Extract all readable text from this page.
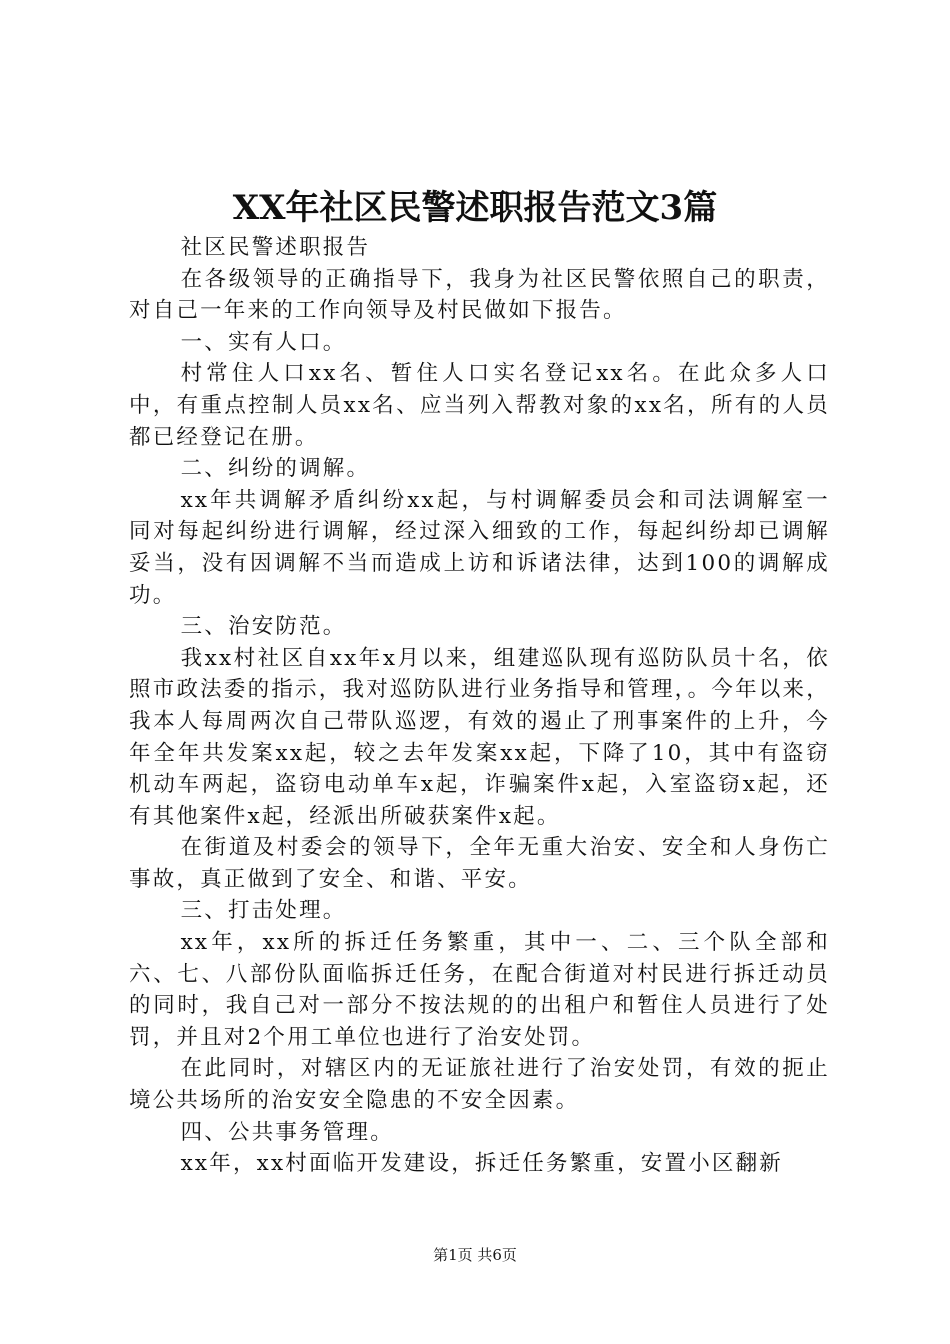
XX年社区民警述职报告范文3篇

社区民警述职报告

在各级领导的正确指导下，我身为社区民警依照自己的职责，对自己一年来的工作向领导及村民做如下报告。

一、实有人口。

村常住人口xx名、暂住人口实名登记xx名。在此众多人口中，有重点控制人员xx名、应当列入帮教对象的xx名，所有的人员都已经登记在册。

二、纠纷的调解。

xx年共调解矛盾纠纷xx起，与村调解委员会和司法调解室一同对每起纠纷进行调解，经过深入细致的工作，每起纠纷却已调解妥当，没有因调解不当而造成上访和诉诸法律，达到100的调解成功。

三、治安防范。

我xx村社区自xx年x月以来，组建巡队现有巡防队员十名，依照市政法委的指示，我对巡防队进行业务指导和管理，。今年以来，我本人每周两次自己带队巡逻，有效的遏止了刑事案件的上升，今年全年共发案xx起，较之去年发案xx起，下降了10，其中有盗窃机动车两起，盗窃电动单车x起，诈骗案件x起，入室盗窃x起，还有其他案件x起，经派出所破获案件x起。

在街道及村委会的领导下，全年无重大治安、安全和人身伤亡事故，真正做到了安全、和谐、平安。

三、打击处理。

xx年，xx所的拆迁任务繁重，其中一、二、三个队全部和六、七、八部份队面临拆迁任务，在配合街道对村民进行拆迁动员的同时，我自己对一部分不按法规的的出租户和暂住人员进行了处罚，并且对2个用工单位也进行了治安处罚。

在此同时，对辖区内的无证旅社进行了治安处罚，有效的扼止境公共场所的治安安全隐患的不安全因素。

四、公共事务管理。

xx年，xx村面临开发建设，拆迁任务繁重，安置小区翻新

第1页 共6页
